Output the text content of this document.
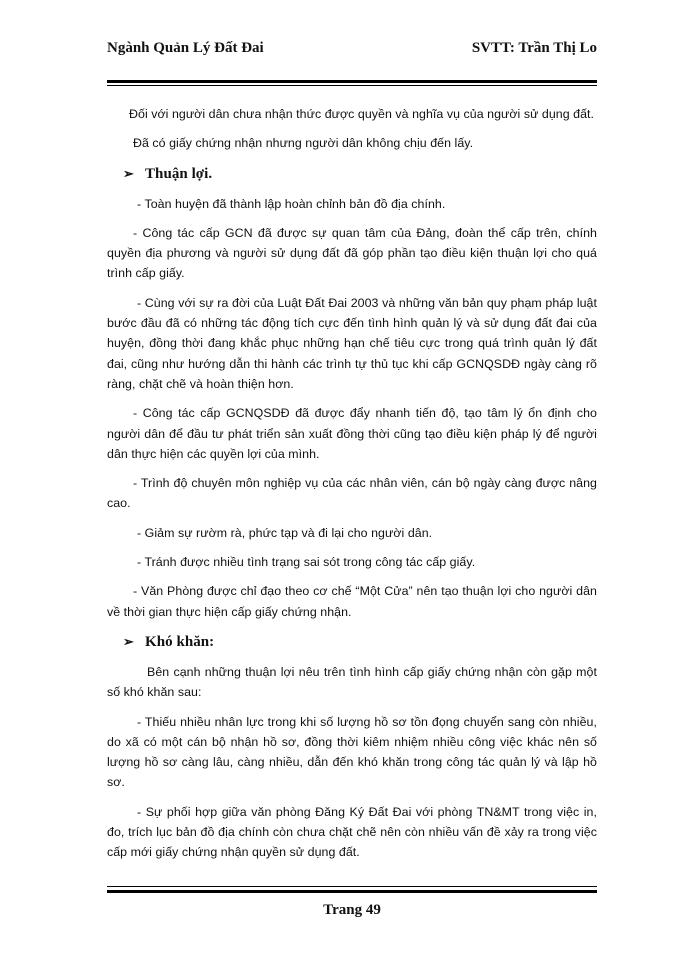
Ngành Quản Lý Đất Đai	SVTT: Trần Thị Lo

Đối với người dân chưa nhận thức được quyền và nghĩa vụ của người sử dụng đất.

Đã có giấy chứng nhận nhưng người dân không chịu đến lấy.

➢ Thuận lợi.

- Toàn huyện đã thành lập hoàn chỉnh bản đồ địa chính.

- Công tác cấp GCN đã được sự quan tâm của Đảng, đoàn thể cấp trên, chính quyền địa phương và người sử dụng đất đã góp phần tạo điều kiện thuận lợi cho quá trình cấp giấy.

- Cùng với sự ra đời của Luật Đất Đai 2003 và những văn bản quy phạm pháp luật bước đầu đã có những tác động tích cực đến tình hình quản lý và sử dụng đất đai của huyện, đồng thời đang khắc phục những hạn chế tiêu cực trong quá trình quản lý đất đai, cũng như hướng dẫn thi hành các trình tự thủ tục khi cấp GCNQSDĐ ngày càng rõ ràng, chặt chẽ và hoàn thiện hơn.

- Công tác cấp GCNQSDĐ đã được đẩy nhanh tiến độ, tạo tâm lý ổn định cho người dân để đầu tư phát triển sản xuất đồng thời cũng tạo điều kiện pháp lý để người dân thực hiện các quyền lợi của mình.

- Trình độ chuyên môn nghiệp vụ của các nhân viên, cán bộ ngày càng được nâng cao.

- Giảm sự rườm rà, phức tạp và đi lại cho người dân.

- Tránh được nhiều tình trạng sai sót trong công tác cấp giấy.

- Văn Phòng được chỉ đạo theo cơ chế “Một Cửa” nên tạo thuận lợi cho người dân về thời gian thực hiện cấp giấy chứng nhận.

➢ Khó khăn:

Bên cạnh những thuận lợi nêu trên tình hình cấp giấy chứng nhận còn gặp một số khó khăn sau:

- Thiếu nhiều nhân lực trong khi số lượng hồ sơ tồn đọng chuyển sang còn nhiều, do xã có một cán bộ nhận hồ sơ, đồng thời kiêm nhiệm nhiều công việc khác nên số lượng hồ sơ càng lâu, càng nhiều, dẫn đến khó khăn trong công tác quản lý và lập hồ sơ.

- Sự phối hợp giữa văn phòng Đăng Ký Đất Đai với phòng TN&MT trong việc in, đo, trích lục bản đồ địa chính còn chưa chặt chẽ nên còn nhiều vấn đề xảy ra trong việc cấp mới giấy chứng nhận quyền sử dụng đất.

Trang 49
